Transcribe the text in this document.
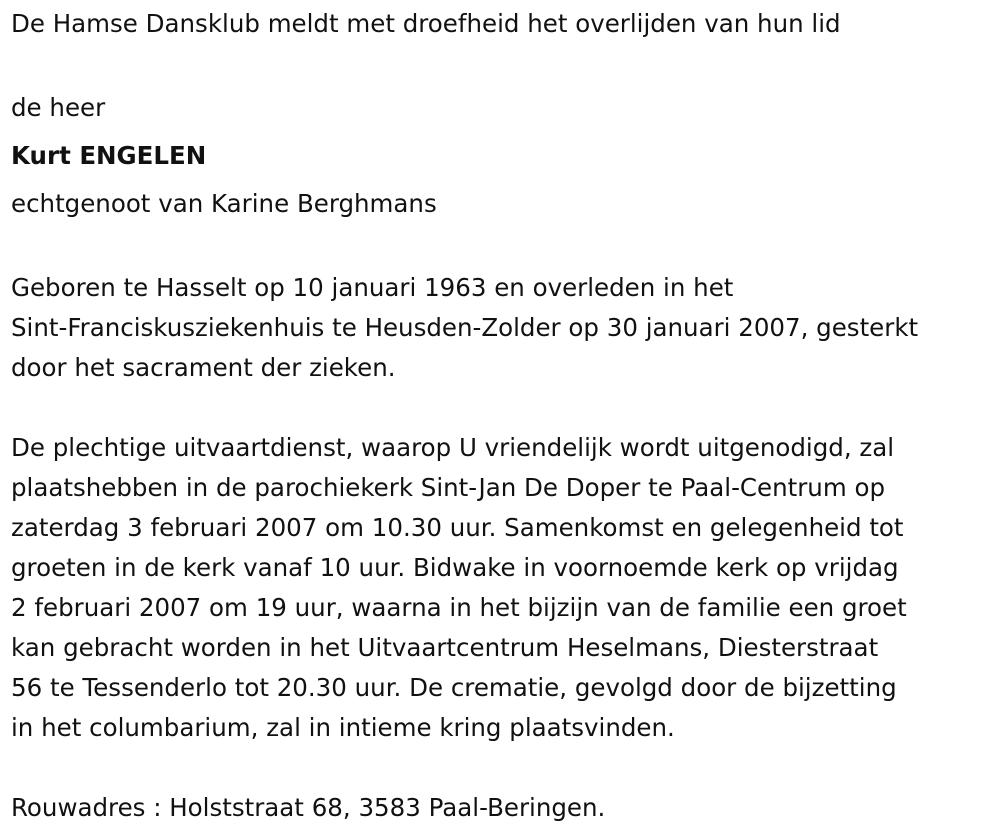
De Hamse Dansklub meldt met droefheid het overlijden van hun lid
de heer
Kurt ENGELEN
echtgenoot van Karine Berghmans
Geboren te Hasselt op 10 januari 1963 en overleden in het
Sint-Franciskusziekenhuis te Heusden-Zolder op 30 januari 2007, gesterkt
door het sacrament der zieken.
De plechtige uitvaartdienst, waarop U vriendelijk wordt uitgenodigd, zal
plaatshebben in de parochiekerk Sint-Jan De Doper te Paal-Centrum op
zaterdag 3 februari 2007 om 10.30 uur. Samenkomst en gelegenheid tot
groeten in de kerk vanaf 10 uur. Bidwake in voornoemde kerk op vrijdag
2 februari 2007 om 19 uur, waarna in het bijzijn van de familie een groet
kan gebracht worden in het Uitvaartcentrum Heselmans, Diesterstraat
56 te Tessenderlo tot 20.30 uur. De crematie, gevolgd door de bijzetting
in het columbarium, zal in intieme kring plaatsvinden.
Rouwadres : Holststraat 68, 3583 Paal-Beringen.
